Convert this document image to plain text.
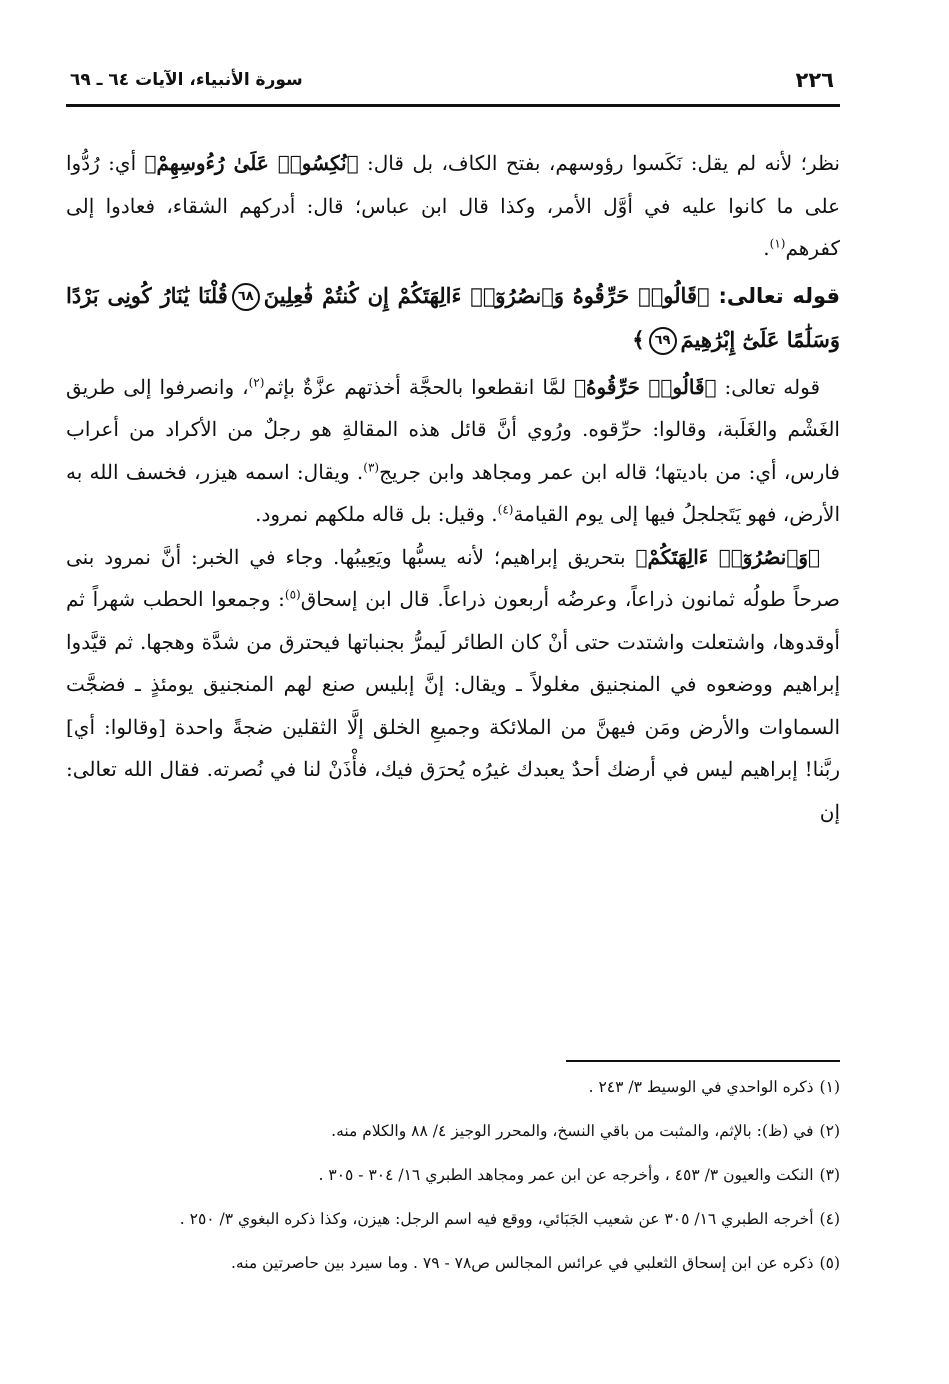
٢٢٦
سورة الأنبياء، الآيات ٦٤ ـ ٦٩

نظر؛ لأنه لم يقل: نَكَسوا رؤوسهم، بفتح الكاف، بل قال: ﴿نُكِسُوا۟ عَلَىٰ رُءُوسِهِمْ﴾ أي: رُدُّوا على ما كانوا عليه في أوَّل الأمر، وكذا قال ابن عباس؛ قال: أدركهم الشقاء، فعادوا إلى كفرهم$^{(١)}$.

قوله تعالى: ﴿قَالُوا۟ حَرِّقُوهُ وَٱنصُرُوٓا۟ ءَالِهَتَكُمْ إِن كُنتُمْ فَٰعِلِينَ٦٨قُلْنَا يَٰنَارُ كُونِى بَرْدًا وَسَلَٰمًا عَلَىٰٓ إِبْرَٰهِيمَ٦٩﴾

قوله تعالى: ﴿قَالُوا۟ حَرِّقُوهُ﴾ لمَّا انقطعوا بالحجَّة أخذتهم عزَّةٌ بإثم$^{(٢)}$، وانصرفوا إلى طريق الغَشْم والغَلَبة، وقالوا: حرِّقوه. ورُوي أنَّ قائل هذه المقالةِ هو رجلٌ من الأكراد من أعراب فارس، أي: من باديتها؛ قاله ابن عمر ومجاهد وابن جريج$^{(٣)}$. ويقال: اسمه هيزر، فخسف الله به الأرض، فهو يَتَجلجلُ فيها إلى يوم القيامة$^{(٤)}$. وقيل: بل قاله ملكهم نمرود.

﴿وَٱنصُرُوٓا۟ ءَالِهَتَكُمْ﴾ بتحريق إبراهيم؛ لأنه يسبُّها ويَعِيبُها. وجاء في الخبر: أنَّ نمرود بنى صرحاً طولُه ثمانون ذراعاً، وعرضُه أربعون ذراعاً. قال ابن إسحاق$^{(٥)}$: وجمعوا الحطب شهراً ثم أوقدوها، واشتعلت واشتدت حتى أنْ كان الطائر لَيمرُّ بجنباتها فيحترق من شدَّة وهجها. ثم قيَّدوا إبراهيم ووضعوه في المنجنيق مغلولاً ـ ويقال: إنَّ إبليس صنع لهم المنجنيق يومئذٍ ـ فضجَّت السماوات والأرض ومَن فيهنَّ من الملائكة وجميعِ الخلق إلَّا الثقلين ضجةً واحدة [وقالوا: أي] ربَّنا! إبراهيم ليس في أرضك أحدٌ يعبدك غيرُه يُحرَق فيك، فأْذَنْ لنا في نُصرته. فقال الله تعالى: إن

(١)ذكره الواحدي في الوسيط ٣/ ٢٤٣ .
(٢)في (ظ): بالإثم، والمثبت من باقي النسخ، والمحرر الوجيز ٤/ ٨٨ والكلام منه.
(٣)النكت والعيون ٣/ ٤٥٣ ، وأخرجه عن ابن عمر ومجاهد الطبري ١٦/ ٣٠٤ - ٣٠٥ .
(٤)أخرجه الطبري ١٦/ ٣٠٥ عن شعيب الجَبَائي، ووقع فيه اسم الرجل: هيزن، وكذا ذكره البغوي ٣/ ٢٥٠ .
(٥)ذكره عن ابن إسحاق الثعلبي في عرائس المجالس ص٧٨ - ٧٩ . وما سيرد بين حاصرتين منه.
